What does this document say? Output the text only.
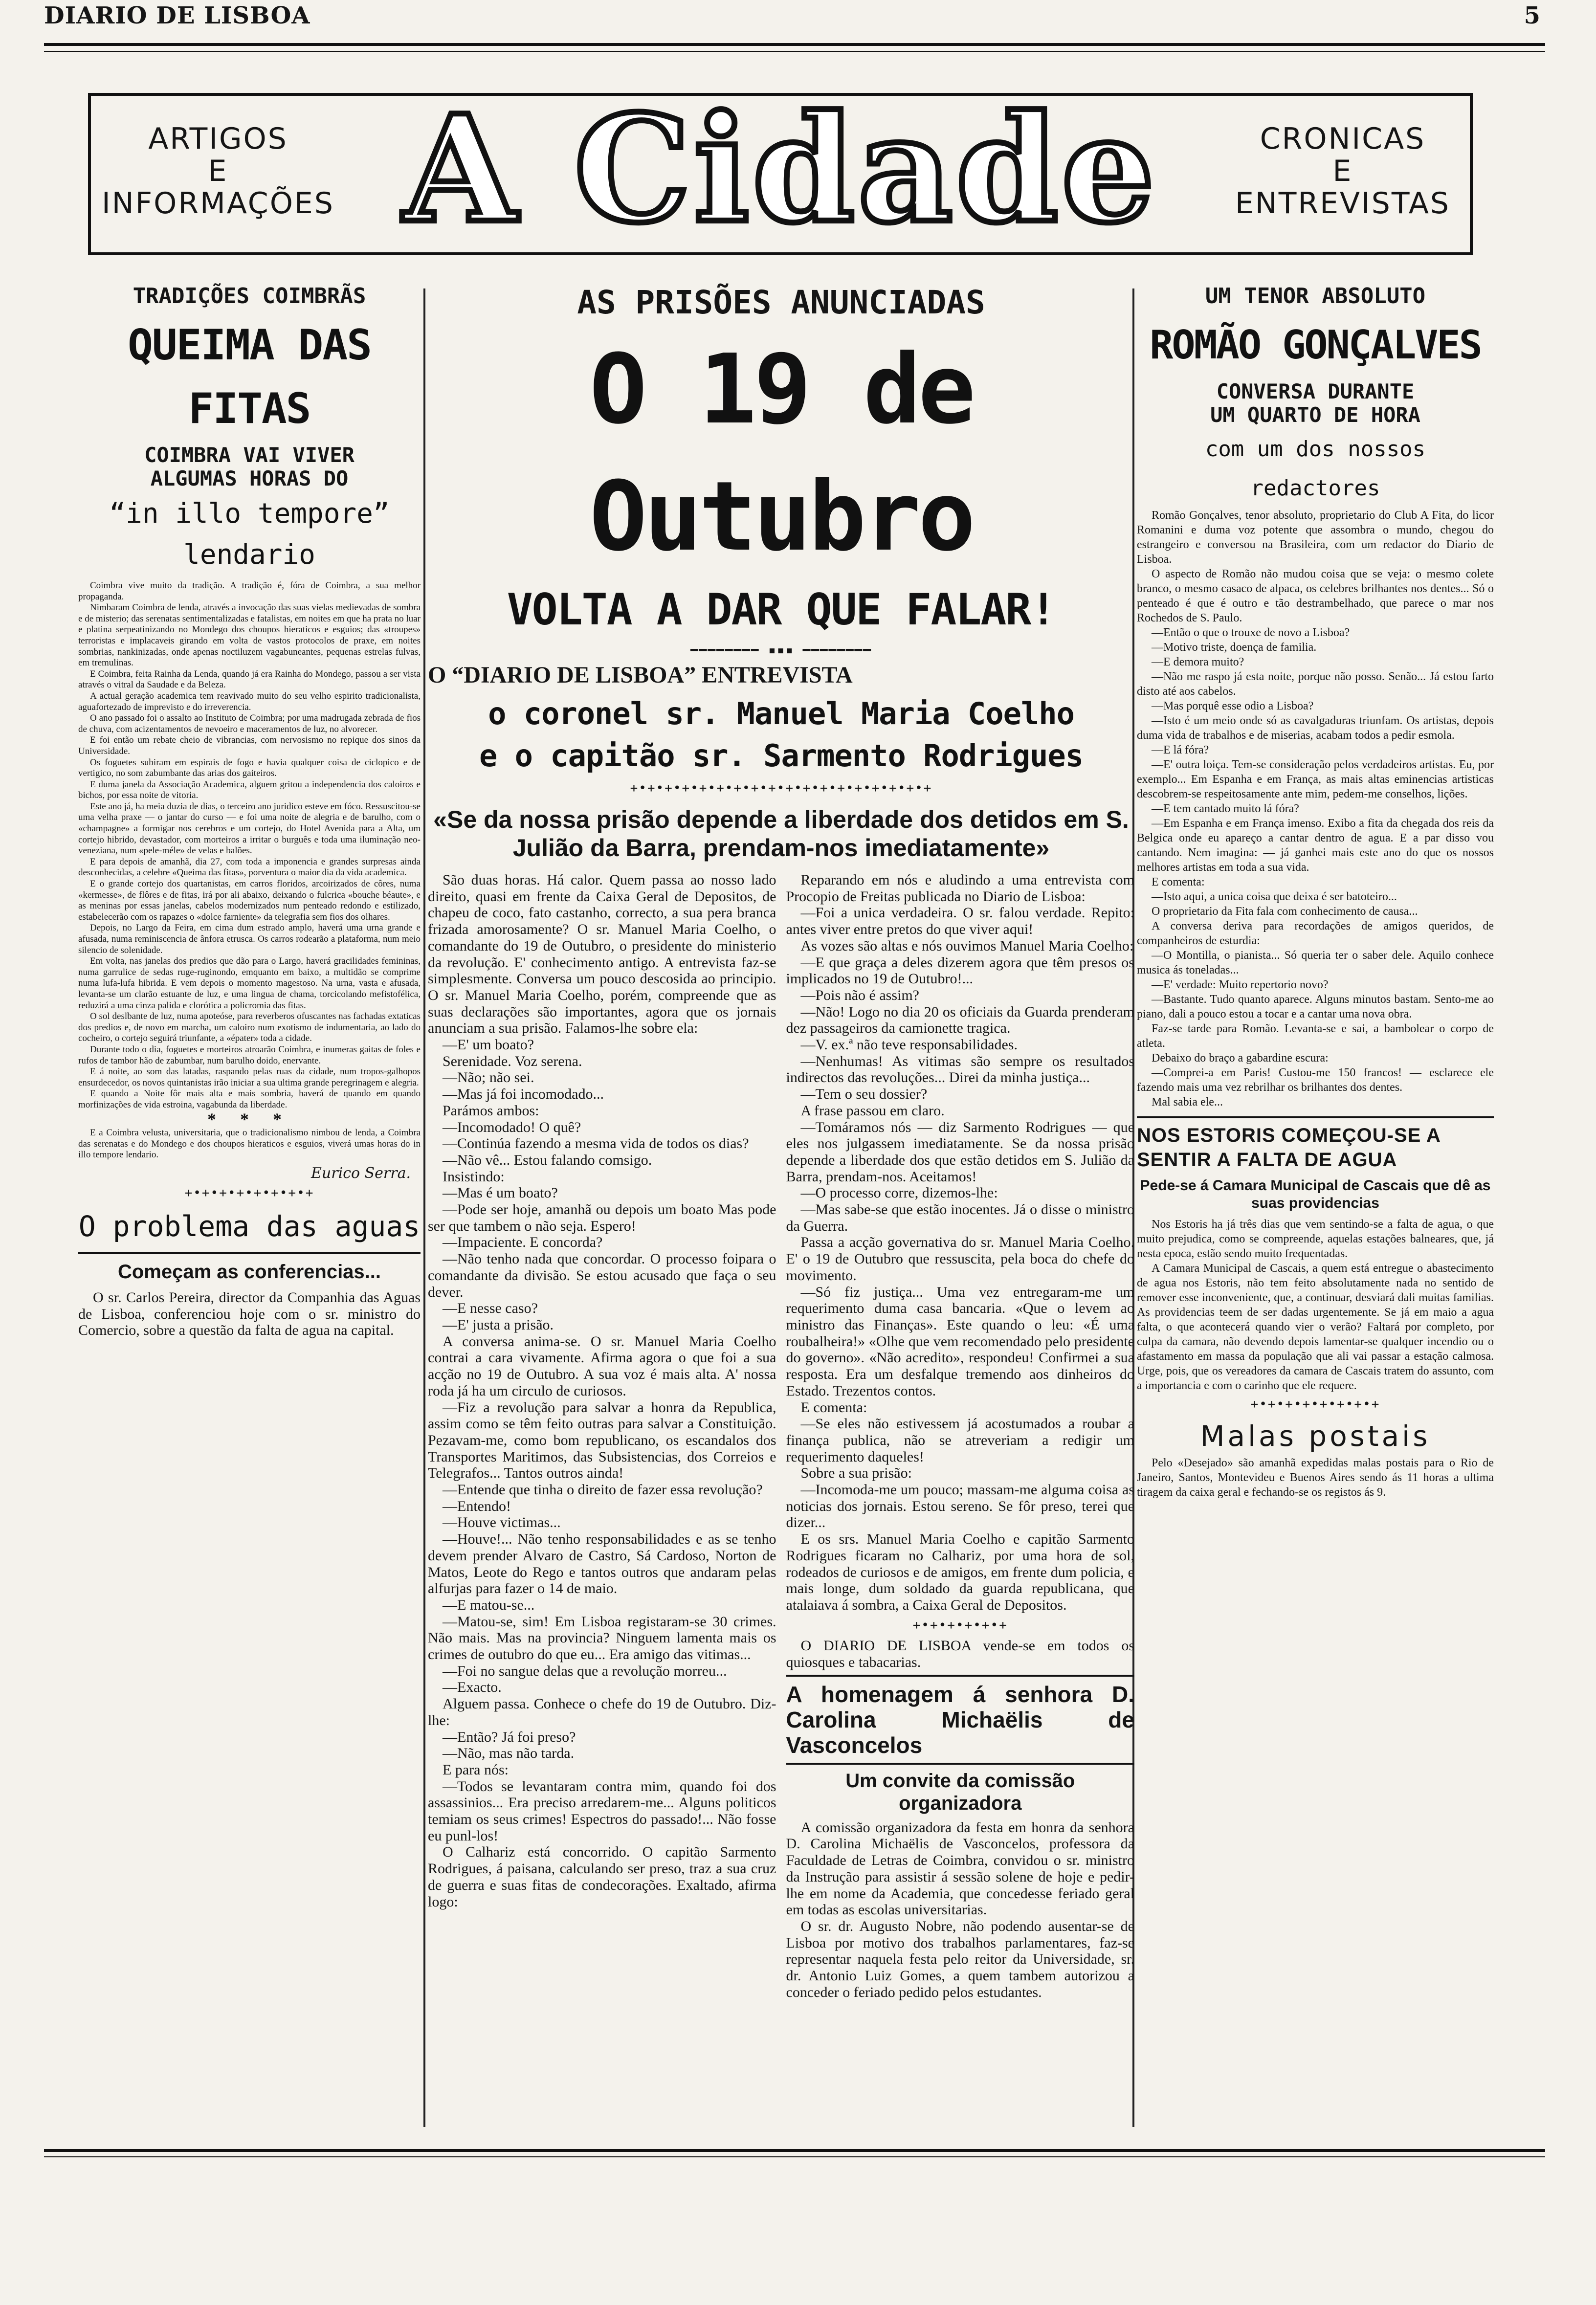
DIARIO DE LISBOA	5
ARTIGOS
E
INFORMAÇÕES A Cidade	CRONICAS
E
ENTREVISTAS
TRADIÇÕES COIMBRÃS
QUEIMA DAS FITAS
COIMBRA VAI VIVER
ALGUMAS HORAS DO
“in illo tempore” lendario

Coimbra vive muito da tradição. A tradição é, fóra de Coimbra, a sua melhor propaganda.

Nimbaram Coimbra de lenda, através a invocação das suas vielas medievadas de sombra e de misterio; das serenatas sentimentalizadas e fatalistas, em noites em que ha prata no luar e platina serpeatinizando no Mondego dos choupos hieraticos e esguios; das «troupes» terroristas e implacaveis girando em volta de vastos protocolos de praxe, em noites sombrias, nankinizadas, onde apenas noctiluzem vagabuneantes, pequenas estrelas fulvas, em tremulinas.

E Coimbra, feita Rainha da Lenda, quando já era Rainha do Mondego, passou a ser vista através o vitral da Saudade e da Beleza.

A actual geração academica tem reavivado muito do seu velho espirito tradicionalista, aguafortezado de imprevisto e do irreverencia.

O ano passado foi o assalto ao Instituto de Coimbra; por uma madrugada zebrada de fios de chuva, com acizentamentos de nevoeiro e maceramentos de luz, no alvorecer.

E foi então um rebate cheio de vibrancias, com nervosismo no repique dos sinos da Universidade.

Os foguetes subiram em espirais de fogo e havia qualquer coisa de ciclopico e de vertigico, no som zabumbante das arias dos gaiteiros.

E duma janela da Associação Academica, alguem gritou a independencia dos caloiros e bichos, por essa noite de vitoria.

Este ano já, ha meia duzia de dias, o terceiro ano juridico esteve em fóco. Ressuscitou-se uma velha praxe — o jantar do curso — e foi uma noite de alegria e de barulho, com o «champagne» a formigar nos cerebros e um cortejo, do Hotel Avenida para a Alta, um cortejo hibrido, devastador, com morteiros a irritar o burguês e toda uma iluminação neo-veneziana, num «pele-méle» de velas e balões.

E para depois de amanhã, dia 27, com toda a imponencia e grandes surpresas ainda desconhecidas, a celebre «Queima das fitas», porventura o maior dia da vida academica.

E o grande cortejo dos quartanistas, em carros floridos, arcoirizados de côres, numa «kermesse», de flôres e de fitas, irá por ali abaixo, deixando o fulcrica «bouche béaute», e as meninas por essas janelas, cabelos modernizados num penteado redondo e estilizado, estabelecerão com os rapazes o «dolce farniente» da telegrafia sem fios dos olhares.

Depois, no Largo da Feira, em cima dum estrado amplo, haverá uma urna grande e afusada, numa reminiscencia de ânfora etrusca. Os carros rodearão a plataforma, num meio silencio de solenidade.

Em volta, nas janelas dos predios que dão para o Largo, haverá gracilidades femininas, numa garrulice de sedas ruge-ruginondo, emquanto em baixo, a multidão se comprime numa lufa-lufa hibrida. E vem depois o momento magestoso. Na urna, vasta e afusada, levanta-se um clarão estuante de luz, e uma lingua de chama, torcicolando mefistofélica, reduzirá a uma cinza palida e clorótica a policromia das fitas.

O sol deslbante de luz, numa apoteóse, para reverberos ofuscantes nas fachadas extaticas dos predios e, de novo em marcha, um caloiro num exotismo de indumentaria, ao lado do cocheiro, o cortejo seguirá triunfante, a «épater» toda a cidade.

Durante todo o dia, foguetes e morteiros atroarão Coimbra, e inumeras gaitas de foles e rufos de tambor hão de zabumbar, num barulho doido, enervante.

E á noite, ao som das latadas, raspando pelas ruas da cidade, num tropos-galhopos ensurdecedor, os novos quintanistas irão iniciar a sua ultima grande peregrinagem e alegria.

E quando a Noite fôr mais alta e mais sombria, haverá de quando em quando morfinizações de vida estroina, vagabunda da liberdade.

* * *

E a Coimbra velusta, universitaria, que o tradicionalismo nimbou de lenda, a Coimbra das serenatas e do Mondego e dos choupos hieraticos e esguios, viverá umas horas do in illo tempore lendario.

Eurico Serra.
+•+•+•+•+•+•+•+
O problema das aguas
Começam as conferencias...

O sr. Carlos Pereira, director da Companhia das Aguas de Lisboa, conferenciou hoje com o sr. ministro do Comercio, sobre a questão da falta de agua na capital.

AS PRISÕES ANUNCIADAS
O 19 de Outubro
VOLTA A DAR QUE FALAR!
━━━━━━━━ ▪▪▪ ━━━━━━━━
O “DIARIO DE LISBOA” ENTREVISTA
o coronel sr. Manuel Maria Coelho
e o capitão sr. Sarmento Rodrigues
+•+•+•+•+•+•+•+•+•+•+•+•+•+•+•+•+•+
«Se da nossa prisão depende a liberdade dos detidos em S. Julião da Barra, prendam-nos imediatamente»

São duas horas. Há calor. Quem passa ao nosso lado direito, quasi em frente da Caixa Geral de Depositos, de chapeu de coco, fato castanho, correcto, a sua pera branca frizada amorosamente? O sr. Manuel Maria Coelho, o comandante do 19 de Outubro, o presidente do ministerio da revolução. E' conhecimento antigo. A entrevista faz-se simplesmente. Conversa um pouco descosida ao principio. O sr. Manuel Maria Coelho, porém, compreende que as suas declarações são importantes, agora que os jornais anunciam a sua prisão. Falamos-lhe sobre ela:

—E' um boato?

Serenidade. Voz serena.

—Não; não sei.

—Mas já foi incomodado...

Parámos ambos:

—Incomodado! O quê?

—Continúa fazendo a mesma vida de todos os dias?

—Não vê... Estou falando comsigo.

Insistindo:

—Mas é um boato?

—Pode ser hoje, amanhã ou depois um boato Mas pode ser que tambem o não seja. Espero!

—Impaciente. E concorda?

—Não tenho nada que concordar. O processo foipara o comandante da divisão. Se estou acusado que faça o seu dever.

—E nesse caso?

—E' justa a prisão.

A conversa anima-se. O sr. Manuel Maria Coelho contrai a cara vivamente. Afirma agora o que foi a sua acção no 19 de Outubro. A sua voz é mais alta. A' nossa roda já ha um circulo de curiosos.

—Fiz a revolução para salvar a honra da Republica, assim como se têm feito outras para salvar a Constituição. Pezavam-me, como bom republicano, os escandalos dos Transportes Maritimos, das Subsistencias, dos Correios e Telegrafos... Tantos outros ainda!

—Entende que tinha o direito de fazer essa revolução?

—Entendo!

—Houve victimas...

—Houve!... Não tenho responsabilidades e as se tenho devem prender Alvaro de Castro, Sá Cardoso, Norton de Matos, Leote do Rego e tantos outros que andaram pelas alfurjas para fazer o 14 de maio.

—E matou-se...

—Matou-se, sim! Em Lisboa registaram-se 30 crimes. Não mais. Mas na provincia? Ninguem lamenta mais os crimes de outubro do que eu... Era amigo das vitimas...

—Foi no sangue delas que a revolução morreu...

—Exacto.

Alguem passa. Conhece o chefe do 19 de Outubro. Diz-lhe:

—Então? Já foi preso?

—Não, mas não tarda.

E para nós:

—Todos se levantaram contra mim, quando foi dos assassinios... Era preciso arredarem-me... Alguns politicos temiam os seus crimes! Espectros do passado!... Não fosse eu punl-los!

O Calhariz está concorrido. O capitão Sarmento Rodrigues, á paisana, calculando ser preso, traz a sua cruz de guerra e suas fitas de condecorações. Exaltado, afirma logo:

Reparando em nós e aludindo a uma entrevista com Procopio de Freitas publicada no Diario de Lisboa:

—Foi a unica verdadeira. O sr. falou verdade. Repito: antes viver entre pretos do que viver aqui!

As vozes são altas e nós ouvimos Manuel Maria Coelho:

—E que graça a deles dizerem agora que têm presos os implicados no 19 de Outubro!...

—Pois não é assim?

—Não! Logo no dia 20 os oficiais da Guarda prenderam dez passageiros da camionette tragica.

—V. ex.ª não teve responsabilidades.

—Nenhumas! As vitimas são sempre os resultados indirectos das revoluções... Direi da minha justiça...

—Tem o seu dossier?

A frase passou em claro.

—Tomáramos nós — diz Sarmento Rodrigues — que eles nos julgassem imediatamente. Se da nossa prisão depende a liberdade dos que estão detidos em S. Julião da Barra, prendam-nos. Aceitamos!

—O processo corre, dizemos-lhe:

—Mas sabe-se que estão inocentes. Já o disse o ministro da Guerra.

Passa a acção governativa do sr. Manuel Maria Coelho. E' o 19 de Outubro que ressuscita, pela boca do chefe do movimento.

—Só fiz justiça... Uma vez entregaram-me um requerimento duma casa bancaria. «Que o levem ao ministro das Finanças». Este quando o leu: «É uma roubalheira!» «Olhe que vem recomendado pelo presidente do governo». «Não acredito», respondeu! Confirmei a sua resposta. Era um desfalque tremendo aos dinheiros do Estado. Trezentos contos.

E comenta:

—Se eles não estivessem já acostumados a roubar a finança publica, não se atreveriam a redigir um requerimento daqueles!

Sobre a sua prisão:

—Incomoda-me um pouco; massam-me alguma coisa as noticias dos jornais. Estou sereno. Se fôr preso, terei que dizer...

E os srs. Manuel Maria Coelho e capitão Sarmento Rodrigues ficaram no Calhariz, por uma hora de sol, rodeados de curiosos e de amigos, em frente dum policia, e mais longe, dum soldado da guarda republicana, que atalaiava á sombra, a Caixa Geral de Depositos.

+•+•+•+•+•+

O DIARIO DE LISBOA vende-se em todos os quiosques e tabacarias.

A homenagem á senhora D. Carolina Michaëlis de Vasconcelos
Um convite da comissão organizadora

A comissão organizadora da festa em honra da senhora D. Carolina Michaëlis de Vasconcelos, professora da Faculdade de Letras de Coimbra, convidou o sr. ministro da Instrução para assistir á sessão solene de hoje e pedir-lhe em nome da Academia, que concedesse feriado geral em todas as escolas universitarias.

O sr. dr. Augusto Nobre, não podendo ausentar-se de Lisboa por motivo dos trabalhos parlamentares, faz-se representar naquela festa pelo reitor da Universidade, sr. dr. Antonio Luiz Gomes, a quem tambem autorizou a conceder o feriado pedido pelos estudantes.

UM TENOR ABSOLUTO
ROMÃO GONÇALVES
CONVERSA DURANTE
UM QUARTO DE HORA
com um dos nossos redactores

Romão Gonçalves, tenor absoluto, proprietario do Club A Fita, do licor Romanini e duma voz potente que assombra o mundo, chegou do estrangeiro e conversou na Brasileira, com um redactor do Diario de Lisboa.

O aspecto de Romão não mudou coisa que se veja: o mesmo colete branco, o mesmo casaco de alpaca, os celebres brilhantes nos dentes... Só o penteado é que é outro e tão destrambelhado, que parece o mar nos Rochedos de S. Paulo.

—Então o que o trouxe de novo a Lisboa?

—Motivo triste, doença de familia.

—E demora muito?

—Não me raspo já esta noite, porque não posso. Senão... Já estou farto disto até aos cabelos.

—Mas porquê esse odio a Lisboa?

—Isto é um meio onde só as cavalgaduras triunfam. Os artistas, depois duma vida de trabalhos e de miserias, acabam todos a pedir esmola.

—E lá fóra?

—E' outra loiça. Tem-se consideração pelos verdadeiros artistas. Eu, por exemplo... Em Espanha e em França, as mais altas eminencias artisticas descobrem-se respeitosamente ante mim, pedem-me conselhos, lições.

—E tem cantado muito lá fóra?

—Em Espanha e em França imenso. Exibo a fita da chegada dos reis da Belgica onde eu apareço a cantar dentro de agua. E a par disso vou cantando. Nem imagina: — já ganhei mais este ano do que os nossos melhores artistas em toda a sua vida.

E comenta:

—Isto aqui, a unica coisa que deixa é ser batoteiro...

O proprietario da Fita fala com conhecimento de causa...

A conversa deriva para recordações de amigos queridos, de companheiros de esturdia:

—O Montilla, o pianista... Só queria ter o saber dele. Aquilo conhece musica ás toneladas...

—E' verdade: Muito repertorio novo?

—Bastante. Tudo quanto aparece. Alguns minutos bastam. Sento-me ao piano, dali a pouco estou a tocar e a cantar uma nova obra.

Faz-se tarde para Romão. Levanta-se e sai, a bambolear o corpo de atleta.

Debaixo do braço a gabardine escura:

—Comprei-a em Paris! Custou-me 150 francos! — esclarece ele fazendo mais uma vez rebrilhar os brilhantes dos dentes.

Mal sabia ele...

NOS ESTORIS COMEÇOU-SE A SENTIR A FALTA DE AGUA
Pede-se á Camara Municipal de Cascais que dê as suas providencias

Nos Estoris ha já três dias que vem sentindo-se a falta de agua, o que muito prejudica, como se compreende, aquelas estações balneares, que, já nesta epoca, estão sendo muito frequentadas.

A Camara Municipal de Cascais, a quem está entregue o abastecimento de agua nos Estoris, não tem feito absolutamente nada no sentido de remover esse inconveniente, que, a continuar, desviará dali muitas familias. As providencias teem de ser dadas urgentemente. Se já em maio a agua falta, o que acontecerá quando vier o verão? Faltará por completo, por culpa da camara, não devendo depois lamentar-se qualquer incendio ou o afastamento em massa da população que ali vai passar a estação calmosa. Urge, pois, que os vereadores da camara de Cascais tratem do assunto, com a importancia e com o carinho que ele requere.

+•+•+•+•+•+•+•+
Malas postais

Pelo «Desejado» são amanhã expedidas malas postais para o Rio de Janeiro, Santos, Montevideu e Buenos Aires sendo ás 11 horas a ultima tiragem da caixa geral e fechando-se os registos ás 9.
